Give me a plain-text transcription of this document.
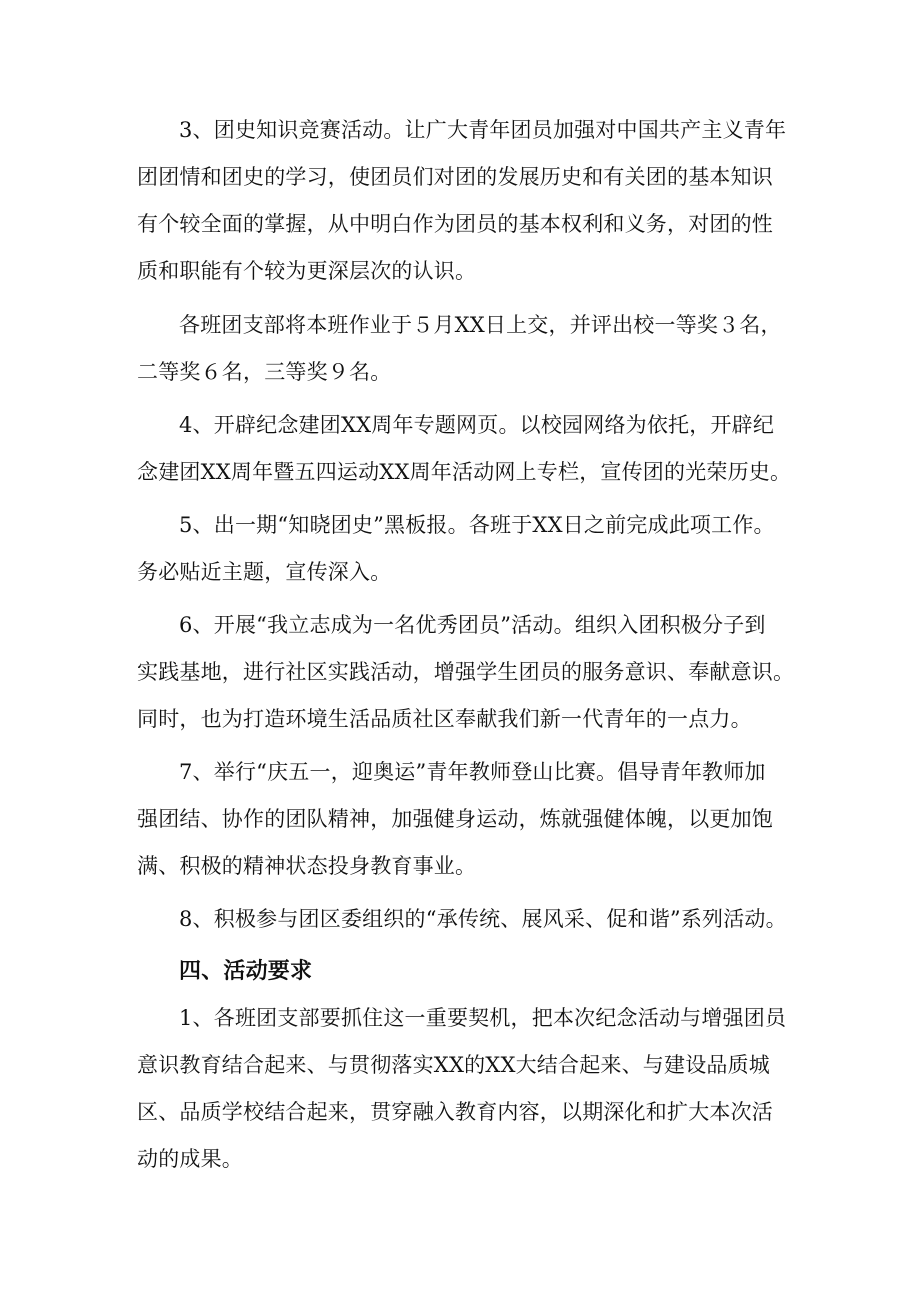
3、团史知识竞赛活动。让广大青年团员加强对中国共产主义青年
团团情和团史的学习，使团员们对团的发展历史和有关团的基本知识
有个较全面的掌握，从中明白作为团员的基本权利和义务，对团的性
质和职能有个较为更深层次的认识。
各班团支部将本班作业于５月XX日上交，并评出校一等奖３名，
二等奖６名，三等奖９名。
4、开辟纪念建团XX周年专题网页。以校园网络为依托，开辟纪
念建团XX周年暨五四运动XX周年活动网上专栏，宣传团的光荣历史。
5、出一期“知晓团史”黑板报。各班于XX日之前完成此项工作。
务必贴近主题，宣传深入。
6、开展“我立志成为一名优秀团员”活动。组织入团积极分子到
实践基地，进行社区实践活动，增强学生团员的服务意识、奉献意识。
同时，也为打造环境生活品质社区奉献我们新一代青年的一点力。
7、举行“庆五一，迎奥运”青年教师登山比赛。倡导青年教师加
强团结、协作的团队精神，加强健身运动，炼就强健体魄，以更加饱
满、积极的精神状态投身教育事业。
8、积极参与团区委组织的“承传统、展风采、促和谐”系列活动。
四、活动要求
1、各班团支部要抓住这一重要契机，把本次纪念活动与增强团员
意识教育结合起来、与贯彻落实XX的XX大结合起来、与建设品质城
区、品质学校结合起来，贯穿融入教育内容，以期深化和扩大本次活
动的成果。
